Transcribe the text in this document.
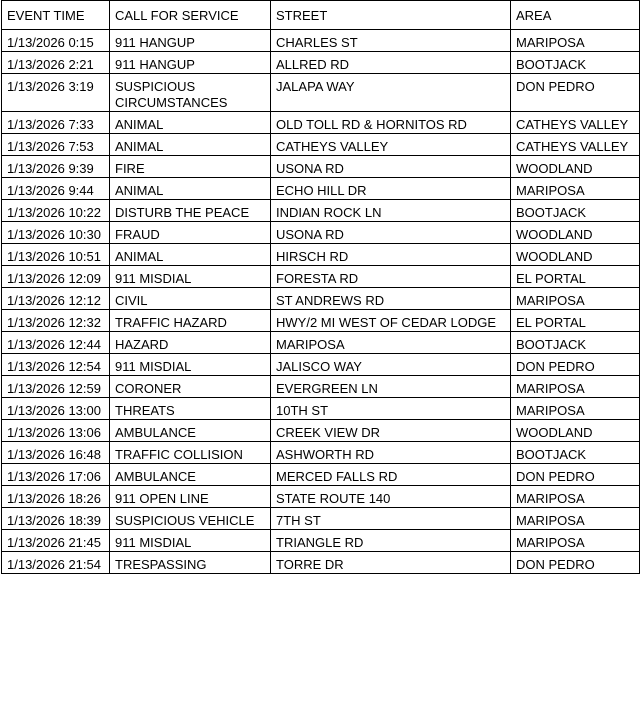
EVENT TIME	CALL FOR SERVICE	STREET	AREA
1/13/2026 0:15	911 HANGUP	CHARLES ST	MARIPOSA
1/13/2026 2:21	911 HANGUP	ALLRED RD	BOOTJACK
1/13/2026 3:19	SUSPICIOUS CIRCUMSTANCES	JALAPA WAY	DON PEDRO
1/13/2026 7:33	ANIMAL	OLD TOLL RD & HORNITOS RD	CATHEYS VALLEY
1/13/2026 7:53	ANIMAL	CATHEYS VALLEY	CATHEYS VALLEY
1/13/2026 9:39	FIRE	USONA RD	WOODLAND
1/13/2026 9:44	ANIMAL	ECHO HILL DR	MARIPOSA
1/13/2026 10:22	DISTURB THE PEACE	INDIAN ROCK LN	BOOTJACK
1/13/2026 10:30	FRAUD	USONA RD	WOODLAND
1/13/2026 10:51	ANIMAL	HIRSCH RD	WOODLAND
1/13/2026 12:09	911 MISDIAL	FORESTA RD	EL PORTAL
1/13/2026 12:12	CIVIL	ST ANDREWS RD	MARIPOSA
1/13/2026 12:32	TRAFFIC HAZARD	HWY/2 MI WEST OF CEDAR LODGE	EL PORTAL
1/13/2026 12:44	HAZARD	MARIPOSA	BOOTJACK
1/13/2026 12:54	911 MISDIAL	JALISCO WAY	DON PEDRO
1/13/2026 12:59	CORONER	EVERGREEN LN	MARIPOSA
1/13/2026 13:00	THREATS	10TH ST	MARIPOSA
1/13/2026 13:06	AMBULANCE	CREEK VIEW DR	WOODLAND
1/13/2026 16:48	TRAFFIC COLLISION	ASHWORTH RD	BOOTJACK
1/13/2026 17:06	AMBULANCE	MERCED FALLS RD	DON PEDRO
1/13/2026 18:26	911 OPEN LINE	STATE ROUTE 140	MARIPOSA
1/13/2026 18:39	SUSPICIOUS VEHICLE	7TH ST	MARIPOSA
1/13/2026 21:45	911 MISDIAL	TRIANGLE RD	MARIPOSA
1/13/2026 21:54	TRESPASSING	TORRE DR	DON PEDRO
